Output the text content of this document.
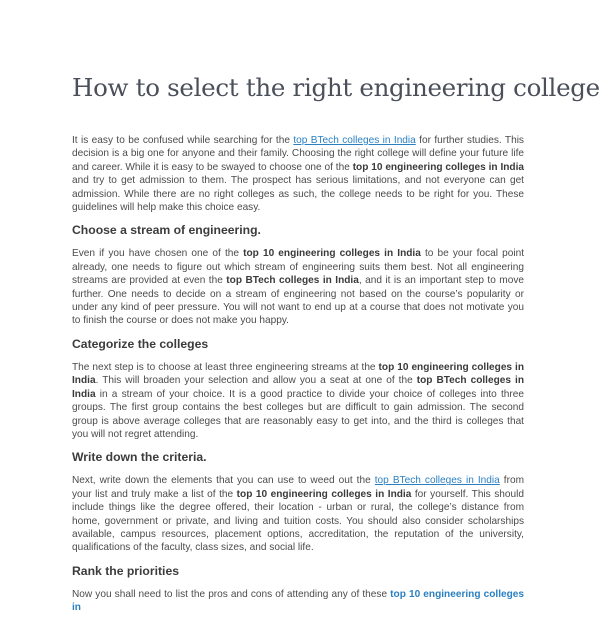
How to select the right engineering college

It is easy to be confused while searching for the top BTech colleges in India for further studies. This decision is a big one for anyone and their family. Choosing the right college will define your future life and career. While it is easy to be swayed to choose one of the top 10 engineering colleges in India and try to get admission to them. The prospect has serious limitations, and not everyone can get admission. While there are no right colleges as such, the college needs to be right for you. These guidelines will help make this choice easy.

Choose a stream of engineering.

Even if you have chosen one of the top 10 engineering colleges in India to be your focal point already, one needs to figure out which stream of engineering suits them best. Not all engineering streams are provided at even the top BTech colleges in India, and it is an important step to move further. One needs to decide on a stream of engineering not based on the course’s popularity or under any kind of peer pressure. You will not want to end up at a course that does not motivate you to finish the course or does not make you happy.

Categorize the colleges

The next step is to choose at least three engineering streams at the top 10 engineering colleges in India. This will broaden your selection and allow you a seat at one of the top BTech colleges in India in a stream of your choice. It is a good practice to divide your choice of colleges into three groups. The first group contains the best colleges but are difficult to gain admission. The second group is above average colleges that are reasonably easy to get into, and the third is colleges that you will not regret attending.

Write down the criteria.

Next, write down the elements that you can use to weed out the top BTech colleges in India from your list and truly make a list of the top 10 engineering colleges in India for yourself. This should include things like the degree offered, their location - urban or rural, the college’s distance from home, government or private, and living and tuition costs. You should also consider scholarships available, campus resources, placement options, accreditation, the reputation of the university, qualifications of the faculty, class sizes, and social life.

Rank the priorities

Now you shall need to list the pros and cons of attending any of these top 10 engineering colleges in
